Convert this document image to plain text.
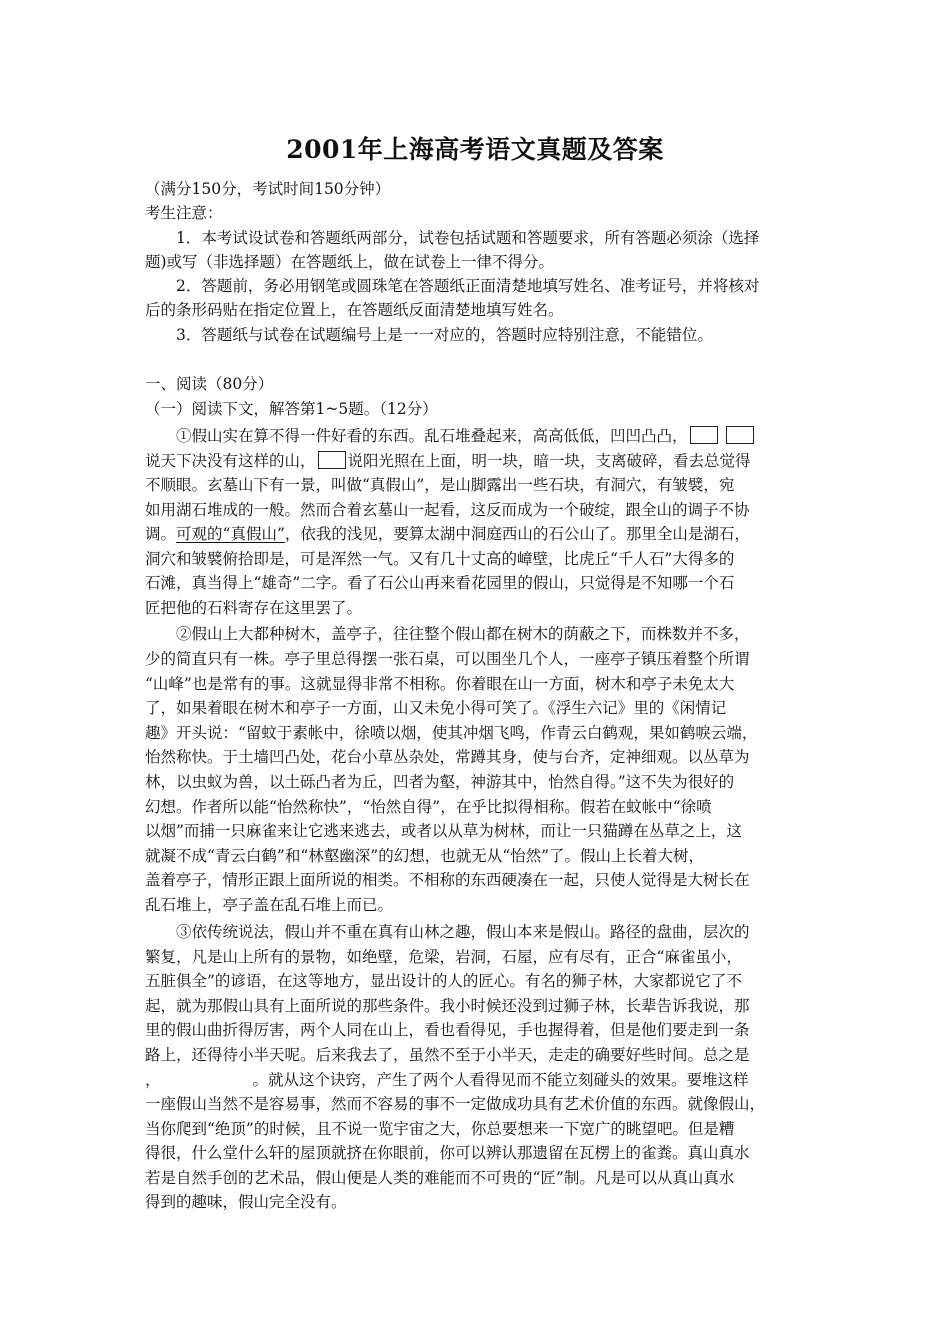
2001年上海高考语文真题及答案
（满分150分，考试时间150分钟）
考生注意：
1．本考试设试卷和答题纸两部分，试卷包括试题和答题要求，所有答题必须涂（选择
题)或写（非选择题）在答题纸上，做在试卷上一律不得分。
2．答题前，务必用钢笔或圆珠笔在答题纸正面清楚地填写姓名、准考证号，并将核对
后的条形码贴在指定位置上，在答题纸反面清楚地填写姓名。
3．答题纸与试卷在试题编号上是一一对应的，答题时应特别注意，不能错位。
一、阅读（80分）
（一）阅读下文，解答第1~5题。（12分）
①假山实在算不得一件好看的东西。乱石堆叠起来，高高低低，凹凹凸凸，
说天下决没有这样的山， 说阳光照在上面，明一块，暗一块，支离破碎，看去总觉得
不顺眼。玄墓山下有一景，叫做“真假山”，是山脚露出一些石块，有洞穴，有皱襞，宛
如用湖石堆成的一般。然而合着玄墓山一起看，这反而成为一个破绽，跟全山的调子不协
调。可观的“真假山”，依我的浅见，要算太湖中洞庭西山的石公山了。那里全山是湖石，
洞穴和皱襞俯拾即是，可是浑然一气。又有几十丈高的嶂壁，比虎丘“千人石”大得多的
石滩，真当得上“雄奇”二字。看了石公山再来看花园里的假山，只觉得是不知哪一个石
匠把他的石料寄存在这里罢了。
②假山上大都种树木，盖亭子，往往整个假山都在树木的荫蔽之下，而株数并不多，
少的简直只有一株。亭子里总得摆一张石桌，可以围坐几个人，一座亭子镇压着整个所谓
“山峰”也是常有的事。这就显得非常不相称。你着眼在山一方面，树木和亭子未免太大
了，如果着眼在树木和亭子一方面，山又未免小得可笑了。《浮生六记》里的《闲情记
趣》开头说：“留蚊于素帐中，徐喷以烟，使其冲烟飞鸣，作青云白鹤观，果如鹤唳云端，
怡然称快。于土墙凹凸处，花台小草丛杂处，常蹲其身，使与台齐，定神细观。以丛草为
林，以虫蚁为兽，以土砾凸者为丘，凹者为壑，神游其中，怡然自得。”这不失为很好的
幻想。作者所以能“怡然称快”，“怡然自得”，在乎比拟得相称。假若在蚊帐中“徐喷
以烟”而捕一只麻雀来让它逃来逃去，或者以从草为树林，而让一只猫蹲在丛草之上，这
就凝不成“青云白鹤”和“林壑幽深”的幻想，也就无从“怡然”了。假山上长着大树，
盖着亭子，情形正跟上面所说的相类。不相称的东西硬凑在一起，只使人觉得是大树长在
乱石堆上，亭子盖在乱石堆上而已。
③依传统说法，假山并不重在真有山林之趣，假山本来是假山。路径的盘曲，层次的
繁复，凡是山上所有的景物，如绝壁，危梁，岩洞，石屋，应有尽有，正合“麻雀虽小，
五脏俱全”的谚语，在这等地方，显出设计的人的匠心。有名的狮子林，大家都说它了不
起，就为那假山具有上面所说的那些条件。我小时候还没到过狮子林，长辈告诉我说，那
里的假山曲折得厉害，两个人同在山上，看也看得见，手也握得着，但是他们要走到一条
路上，还得待小半天呢。后来我去了，虽然不至于小半天，走走的确要好些时间。总之是
，	。就从这个诀窍，产生了两个人看得见而不能立刻碰头的效果。要堆这样
一座假山当然不是容易事，然而不容易的事不一定做成功具有艺术价值的东西。就像假山，
当你爬到“绝顶”的时候，且不说一览宇宙之大，你总要想来一下宽广的眺望吧。但是糟
得很，什么堂什么轩的屋顶就挤在你眼前，你可以辨认那遗留在瓦楞上的雀粪。真山真水
若是自然手创的艺术品，假山便是人类的难能而不可贵的“匠”制。凡是可以从真山真水
得到的趣味，假山完全没有。
